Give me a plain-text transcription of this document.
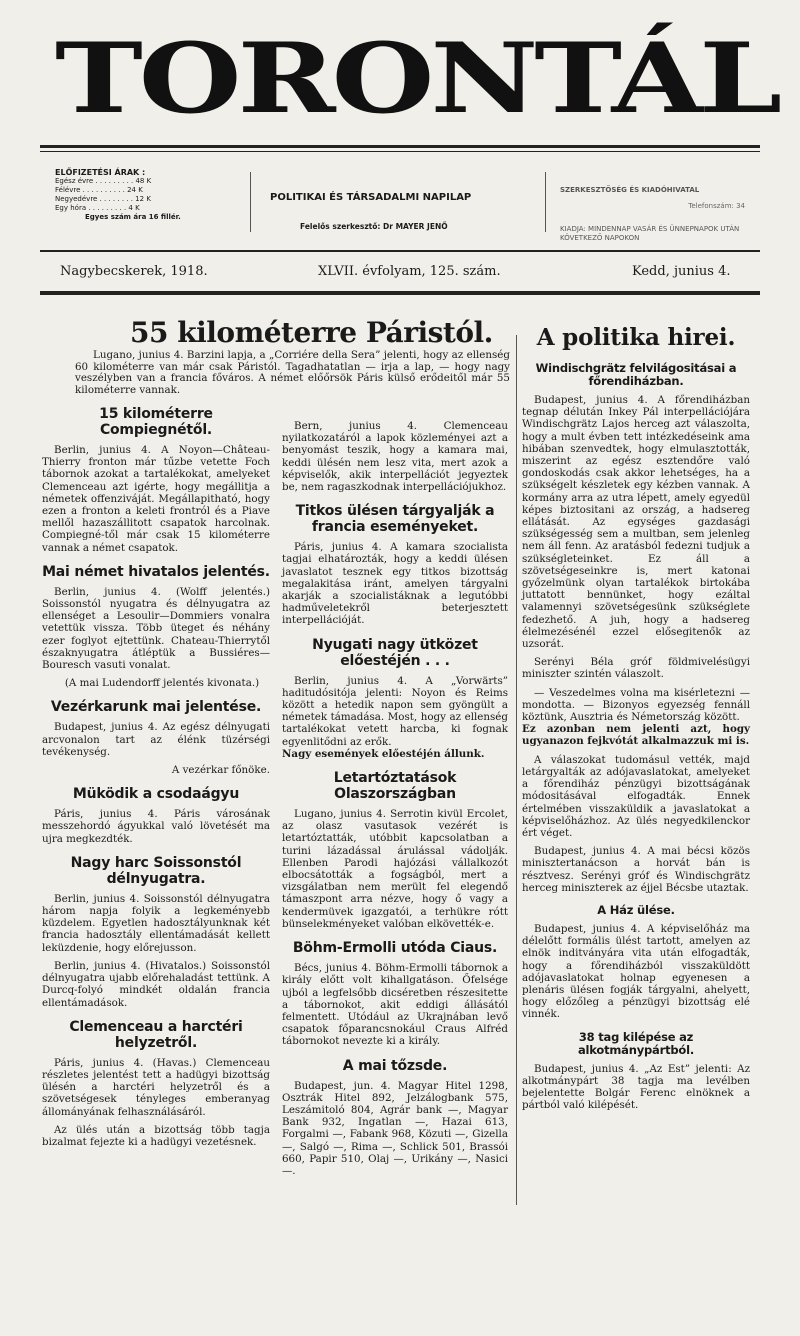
TORONTÁL
ELŐFIZETÉSI ÁRAK :
Egész évre . . . . . . . . . 48 K
Félévre . . . . . . . . . . 24 K
Negyedévre . . . . . . . . 12 K
Egy hóra . . . . . . . . . 4 K
Egyes szám ára 16 fillér.
POLITIKAI ÉS TÁRSADALMI NAPILAP
Felelős szerkesztő: Dr MAYER JENŐ
SZERKESZTŐSÉG ÉS KIADÓHIVATAL
Telefonszám: 34
KIADJA: MINDENNAP VASÁR ÉS ÜNNEPNAPOK UTÁN KÖVETKEZŐ NAPOKON
Nagybecskerek, 1918.	XLVII. évfolyam, 125. szám.	Kedd, junius 4.
55 kilométerre Páristól.
Lugano, junius 4. Barzini lapja, a „Corriére della Sera” jelenti, hogy az ellenség 60 kilométerre van már csak Páristól. Tagadhatatlan — irja a lap, — hogy nagy veszélyben van a francia főváros. A német előőrsök Páris külső erődeitől már 55 kilométerre vannak.
15 kilométerre Compiegnétől.

Berlin, junius 4. A Noyon—Château-Thierry fronton már tűzbe vetette Foch tábornok azokat a tartalékokat, amelyeket Clemenceau azt igérte, hogy megállitja a németek offenziváját. Megállapitható, hogy ezen a fronton a keleti frontról és a Piave mellől hazaszállitott csapatok harcolnak. Compiegné-től már csak 15 kilométerre vannak a német csapatok.

Mai német hivatalos jelentés.

Berlin, junius 4. (Wolff jelentés.) Soissonstól nyugatra és délnyugatra az ellenséget a Lesoulir—Dommiers vonalra vetettük vissza. Több üteget és néhány ezer foglyot ejtettünk. Chateau-Thierrytől északnyugatra átléptük a Bussiéres—Bouresch vasuti vonalat.

(A mai Ludendorff jelentés kivonata.)

Vezérkarunk mai jelentése.

Budapest, junius 4. Az egész délnyugati arcvonalon tart az élénk tüzérségi tevékenység.

A vezérkar főnöke.

Müködik a csodaágyu

Páris, junius 4. Páris városának messzehordó ágyukkal való lövetését ma ujra megkezdték.

Nagy harc Soissonstól délnyugatra.

Berlin, junius 4. Soissonstól délnyugatra három napja folyik a legkeményebb küzdelem. Egyetlen hadosztályunknak két francia hadosztály ellentámadását kellett leküzdenie, hogy előrejusson.

Berlin, junius 4. (Hivatalos.) Soissonstól délnyugatra ujabb előrehaladást tettünk. A Durcq-folyó mindkét oldalán francia ellentámadások.

Clemenceau a harctéri helyzetről.

Páris, junius 4. (Havas.) Clemenceau részletes jelentést tett a hadügyi bizottság ülésén a harctéri helyzetről és a szövetségesek tényleges emberanyag állományának felhasználásáról.

Az ülés után a bizottság több tagja bizalmat fejezte ki a hadügyi vezetésnek.

Bern, junius 4. Clemenceau nyilatkozatáról a lapok közleményei azt a benyomást teszik, hogy a kamara mai, keddi ülésén nem lesz vita, mert azok a képviselők, akik interpellációt jegyeztek be, nem ragaszkodnak interpellációjukhoz.

Titkos ülésen tárgyalják a francia eseményeket.

Páris, junius 4. A kamara szocialista tagjai elhatározták, hogy a keddi ülésen javaslatot tesznek egy titkos bizottság megalakitása iránt, amelyen tárgyalni akarják a szocialistáknak a legutóbbi hadműveletekről beterjesztett interpellációját.

Nyugati nagy ütközet előestéjén . . .

Berlin, junius 4. A „Vorwärts” haditudósitója jelenti: Noyon és Reims között a hetedik napon sem gyöngült a németek támadása. Most, hogy az ellenség tartalékokat vetett harcba, ki fognak egyenlitődni az erők.

Nagy események előestéjén állunk.

Letartóztatások Olaszországban

Lugano, junius 4. Serrotin kivül Ercolet, az olasz vasutasok vezérét is letartóztatták, utóbbit kapcsolatban a turini lázadással árulással vádolják. Ellenben Parodi hajózási vállalkozót elbocsátották a fogságból, mert a vizsgálatban nem merült fel elegendő támaszpont arra nézve, hogy ő vagy a kendermüvek igazgatói, a terhükre rótt bünselekményeket valóban elkövették-e.

Böhm-Ermolli utóda Ciaus.

Bécs, junius 4. Böhm-Ermolli tábornok a király előtt volt kihallgatáson. Őfelsége ujból a legfelsőbb dicséretben részesitette a tábornokot, akit eddigi állásától felmentett. Utódául az Ukrajnában levő csapatok főparancsnokául Craus Alfréd tábornokot nevezte ki a király.

A mai tőzsde.

Budapest, jun. 4. Magyar Hitel 1298, Osztrák Hitel 892, Jelzálogbank 575, Leszámitoló 804, Agrár bank —, Magyar Bank 932, Ingatlan —, Hazai 613, Forgalmi —, Fabank 968, Közuti —, Gizella —, Salgó —, Rima —, Schlick 501, Brassói 660, Papir 510, Olaj —, Urikány —, Nasici —.

A politika hirei.
Windischgrätz felvilágositásai a főrendiházban.

Budapest, junius 4. A főrendiházban tegnap délután Inkey Pál interpellációjára Windischgrätz Lajos herceg azt válaszolta, hogy a mult évben tett intézkedéseink ama hibában szenvedtek, hogy elmulasztották, miszerint az egész esztendőre való gondoskodás csak akkor lehetséges, ha a szükségelt készletek egy kézben vannak. A kormány arra az utra lépett, amely egyedül képes biztositani az ország, a hadsereg ellátását. Az egységes gazdasági szükségesség sem a multban, sem jelenleg nem áll fenn. Az aratásból fedezni tudjuk a szükségleteinket. Ez áll a szövetségeseinkre is, mert katonai győzelmünk olyan tartalékok birtokába juttatott bennünket, hogy ezáltal valamennyi szövetségesünk szükséglete fedezhető. A juh, hogy a hadsereg élelmezésénél ezzel elősegitenők az uzsorát.

Serényi Béla gróf földmivelésügyi miniszter szintén válaszolt.

— Veszedelmes volna ma kisérletezni — mondotta. — Bizonyos egyezség fennáll köztünk, Ausztria és Németország között.

Ez azonban nem jelenti azt, hogy ugyanazon fejkvótát alkalmazzuk mi is.

A válaszokat tudomásul vették, majd letárgyalták az adójavaslatokat, amelyeket a főrendiház pénzügyi bizottságának módositásával elfogadták. Ennek értelmében visszaküldik a javaslatokat a képviselőházhoz. Az ülés negyedkilenckor ért véget.

Budapest, junius 4. A mai bécsi közös minisztertanácson a horvát bán is résztvesz. Serényi gróf és Windischgrätz herceg miniszterek az éjjel Bécsbe utaztak.

A Ház ülése.

Budapest, junius 4. A képviselőház ma délelőtt formális ülést tartott, amelyen az elnök inditványára vita után elfogadták, hogy a főrendiházból visszaküldött adójavaslatokat holnap egyenesen a plenáris ülésen fogják tárgyalni, ahelyett, hogy előzőleg a pénzügyi bizottság elé vinnék.

38 tag kilépése az alkotmánypártból.

Budapest, junius 4. „Az Est” jelenti: Az alkotmánypárt 38 tagja ma levélben bejelentette Bolgár Ferenc elnöknek a pártból való kilépését.
